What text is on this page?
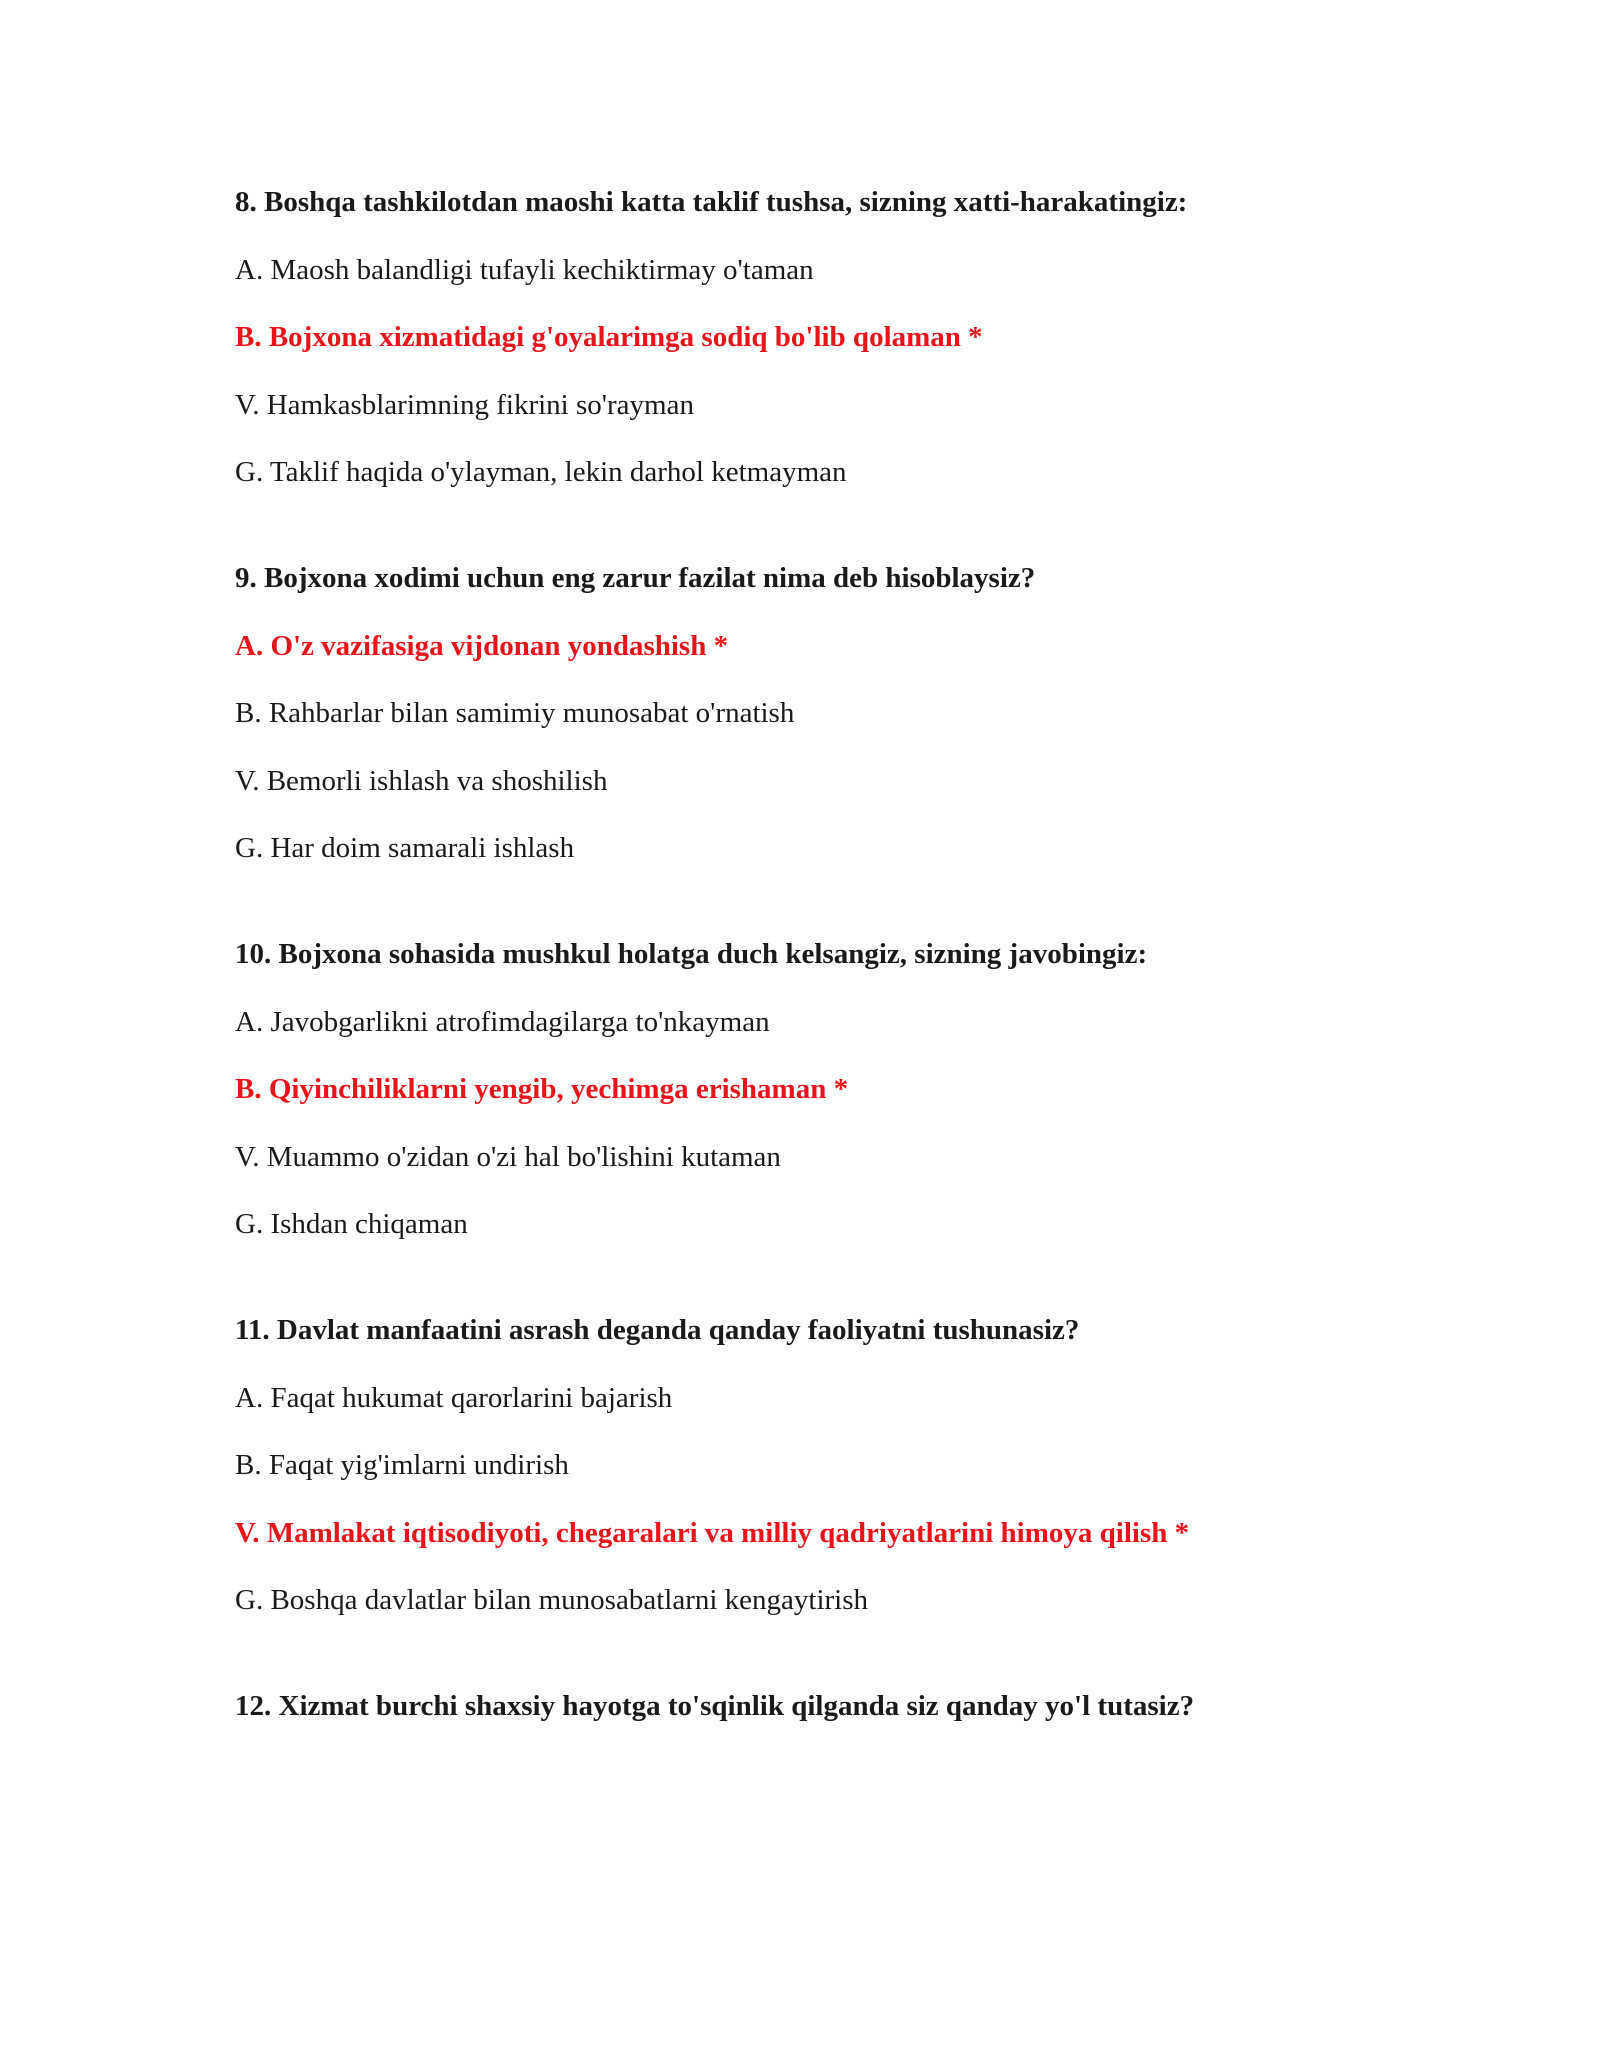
8. Boshqa tashkilotdan maoshi katta taklif tushsa, sizning xatti-harakatingiz:
A. Maosh balandligi tufayli kechiktirmay o'taman
B. Bojxona xizmatidagi g'oyalarimga sodiq bo'lib qolaman *
V. Hamkasblarimning fikrini so'rayman
G. Taklif haqida o'ylayman, lekin darhol ketmayman
9. Bojxona xodimi uchun eng zarur fazilat nima deb hisoblaysiz?
A. O'z vazifasiga vijdonan yondashish *
B. Rahbarlar bilan samimiy munosabat o'rnatish
V. Bemorli ishlash va shoshilish
G. Har doim samarali ishlash
10. Bojxona sohasida mushkul holatga duch kelsangiz, sizning javobingiz:
A. Javobgarlikni atrofimdagilarga to'nkayman
B. Qiyinchiliklarni yengib, yechimga erishaman *
V. Muammo o'zidan o'zi hal bo'lishini kutaman
G. Ishdan chiqaman
11. Davlat manfaatini asrash deganda qanday faoliyatni tushunasiz?
A. Faqat hukumat qarorlarini bajarish
B. Faqat yig'imlarni undirish
V. Mamlakat iqtisodiyoti, chegaralari va milliy qadriyatlarini himoya qilish *
G. Boshqa davlatlar bilan munosabatlarni kengaytirish
12. Xizmat burchi shaxsiy hayotga to'sqinlik qilganda siz qanday yo'l tutasiz?
